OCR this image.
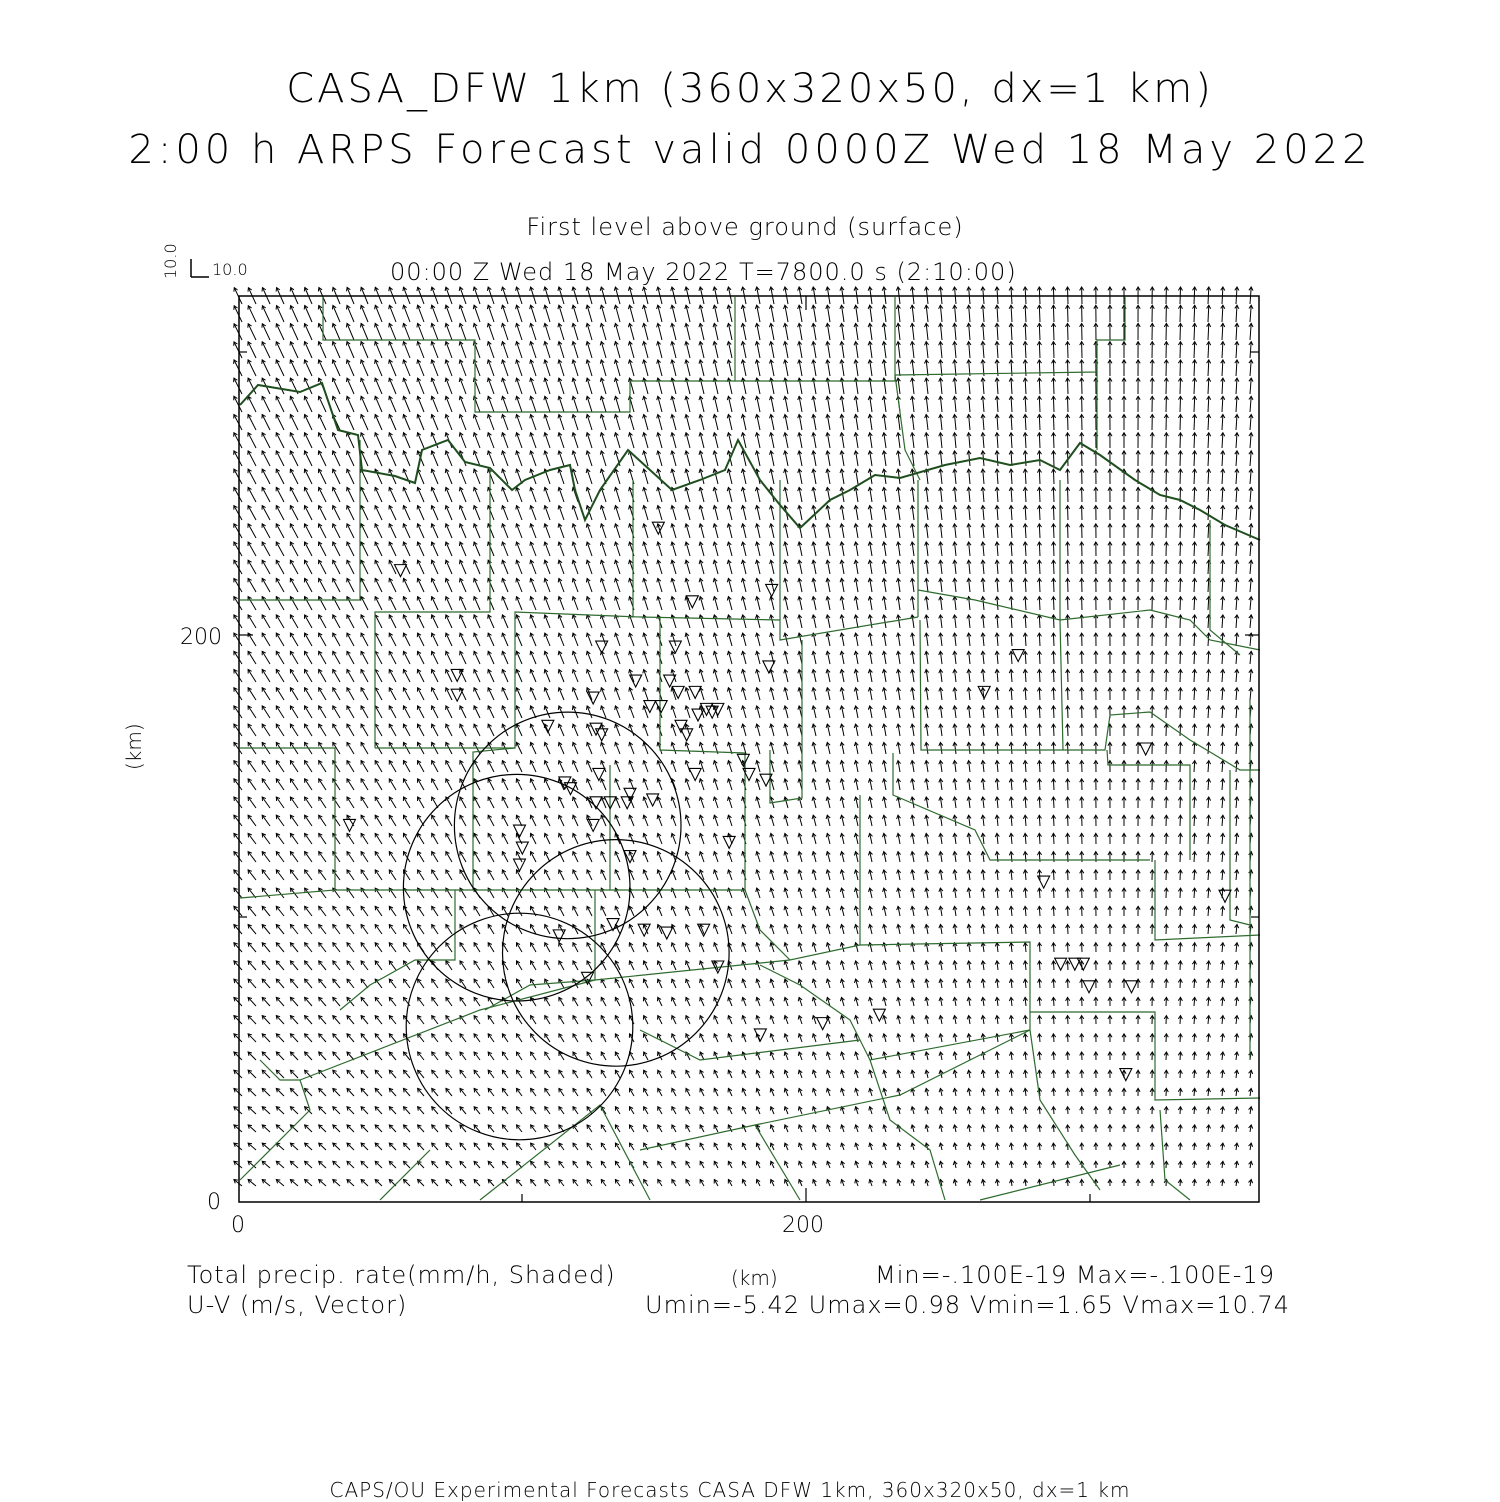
CASA_DFW 1km (360x320x50, dx=1 km)
2:00 h ARPS Forecast valid 0000Z Wed 18 May 2022
First level above ground (surface)
00:00 Z Wed 18 May 2022 T=7800.0 s (2:10:00)
10.0
10.0
(km)
200
0
0	200
(km)
Total precip. rate(mm/h, Shaded)
U-V (m/s, Vector)
Min=-.100E-19 Max=-.100E-19
Umin=-5.42 Umax=0.98 Vmin=1.65 Vmax=10.74
CAPS/OU Experimental Forecasts CASA DFW 1km, 360x320x50, dx=1 km
